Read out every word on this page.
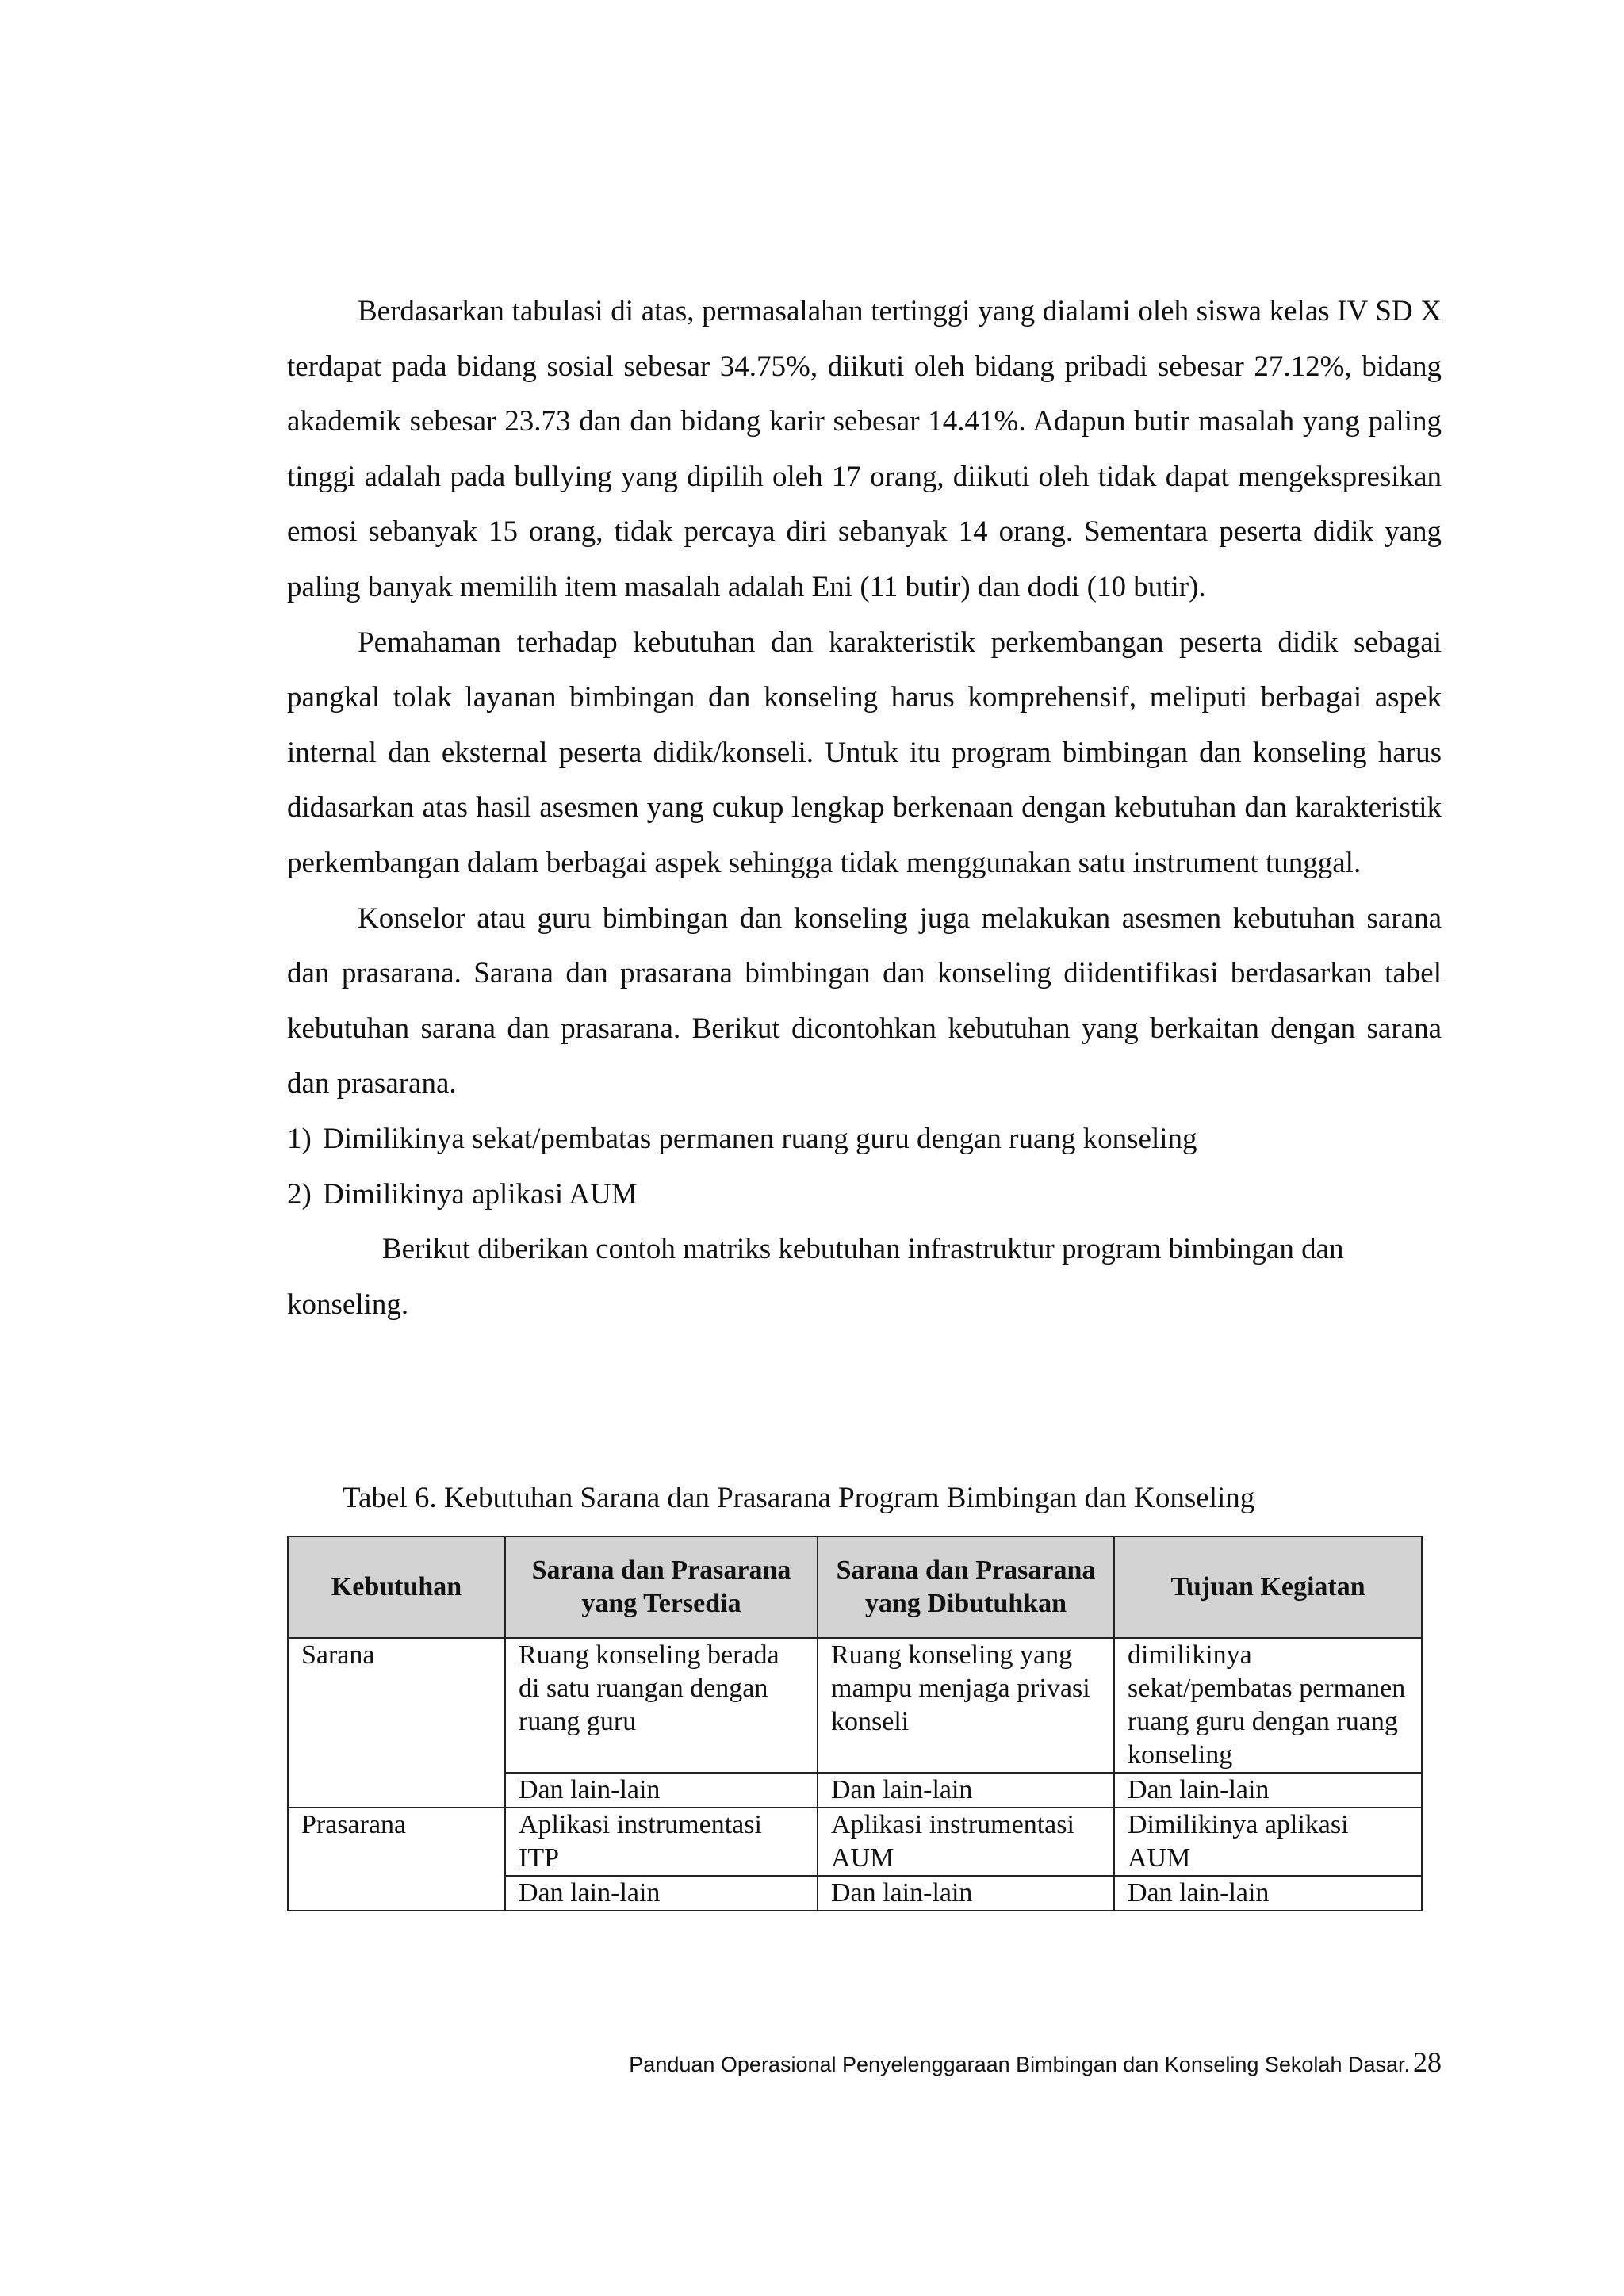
Berdasarkan tabulasi di atas, permasalahan tertinggi yang dialami oleh siswa kelas IV SD X terdapat pada bidang sosial sebesar 34.75%, diikuti oleh bidang pribadi sebesar 27.12%, bidang akademik sebesar 23.73 dan dan bidang karir sebesar 14.41%. Adapun butir masalah yang paling tinggi adalah pada bullying yang dipilih oleh 17 orang, diikuti oleh tidak dapat mengekspresikan emosi sebanyak 15 orang, tidak percaya diri sebanyak 14 orang. Sementara peserta didik yang paling banyak memilih item masalah adalah Eni (11 butir) dan dodi (10 butir).

Pemahaman terhadap kebutuhan dan karakteristik perkembangan peserta didik sebagai pangkal tolak layanan bimbingan dan konseling harus komprehensif, meliputi berbagai aspek internal dan eksternal peserta didik/konseli. Untuk itu program bimbingan dan konseling harus didasarkan atas hasil asesmen yang cukup lengkap berkenaan dengan kebutuhan dan karakteristik perkembangan dalam berbagai aspek sehingga tidak menggunakan satu instrument tunggal.

Konselor atau guru bimbingan dan konseling juga melakukan asesmen kebutuhan sarana dan prasarana. Sarana dan prasarana bimbingan dan konseling diidentifikasi berdasarkan tabel kebutuhan sarana dan prasarana. Berikut dicontohkan kebutuhan yang berkaitan dengan sarana dan prasarana.

1) Dimilikinya sekat/pembatas permanen ruang guru dengan ruang konseling
2) Dimilikinya aplikasi AUM

Berikut diberikan contoh matriks kebutuhan infrastruktur program bimbingan dan konseling.

Tabel 6. Kebutuhan Sarana dan Prasarana Program Bimbingan dan Konseling
Kebutuhan	Sarana dan Prasarana yang Tersedia	Sarana dan Prasarana yang Dibutuhkan	Tujuan Kegiatan
Sarana	Ruang konseling berada di satu ruangan dengan ruang guru	Ruang konseling yang mampu menjaga privasi konseli	dimilikinya sekat/pembatas permanen ruang guru dengan ruang konseling
	Dan lain-lain	Dan lain-lain	Dan lain-lain
Prasarana	Aplikasi instrumentasi ITP	Aplikasi instrumentasi AUM	Dimilikinya aplikasi AUM
	Dan lain-lain	Dan lain-lain	Dan lain-lain
Panduan Operasional Penyelenggaraan Bimbingan dan Konseling Sekolah Dasar. 28
